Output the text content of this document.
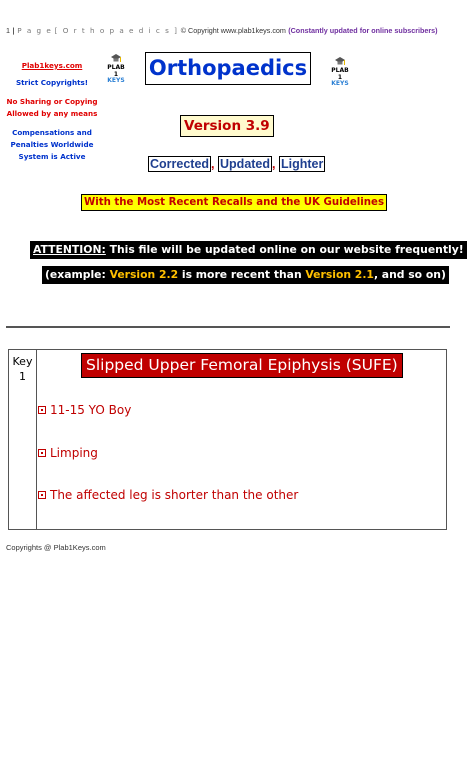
1 | P a g e [ O r t h o p a e d i c s ] © Copyright www.plab1keys.com (Constantly updated for online subscribers)
Plab1keys.com
Strict Copyrights!
No Sharing or Copying
Allowed by any means
Compensations and
Penalties Worldwide
System is Active
PLAB
1
KEYS
PLAB
1
KEYS
Orthopaedics
Version 3.9
Corrected , Updated , Lighter
With the Most Recent Recalls and the UK Guidelines
ATTENTION: This file will be updated online on our website frequently!
(example: Version 2.2 is more recent than Version 2.1, and so on)
Key
1
Slipped Upper Femoral Epiphysis (SUFE)
11-15 YO Boy
Limping
The affected leg is shorter than the other
Copyrights @ Plab1Keys.com
